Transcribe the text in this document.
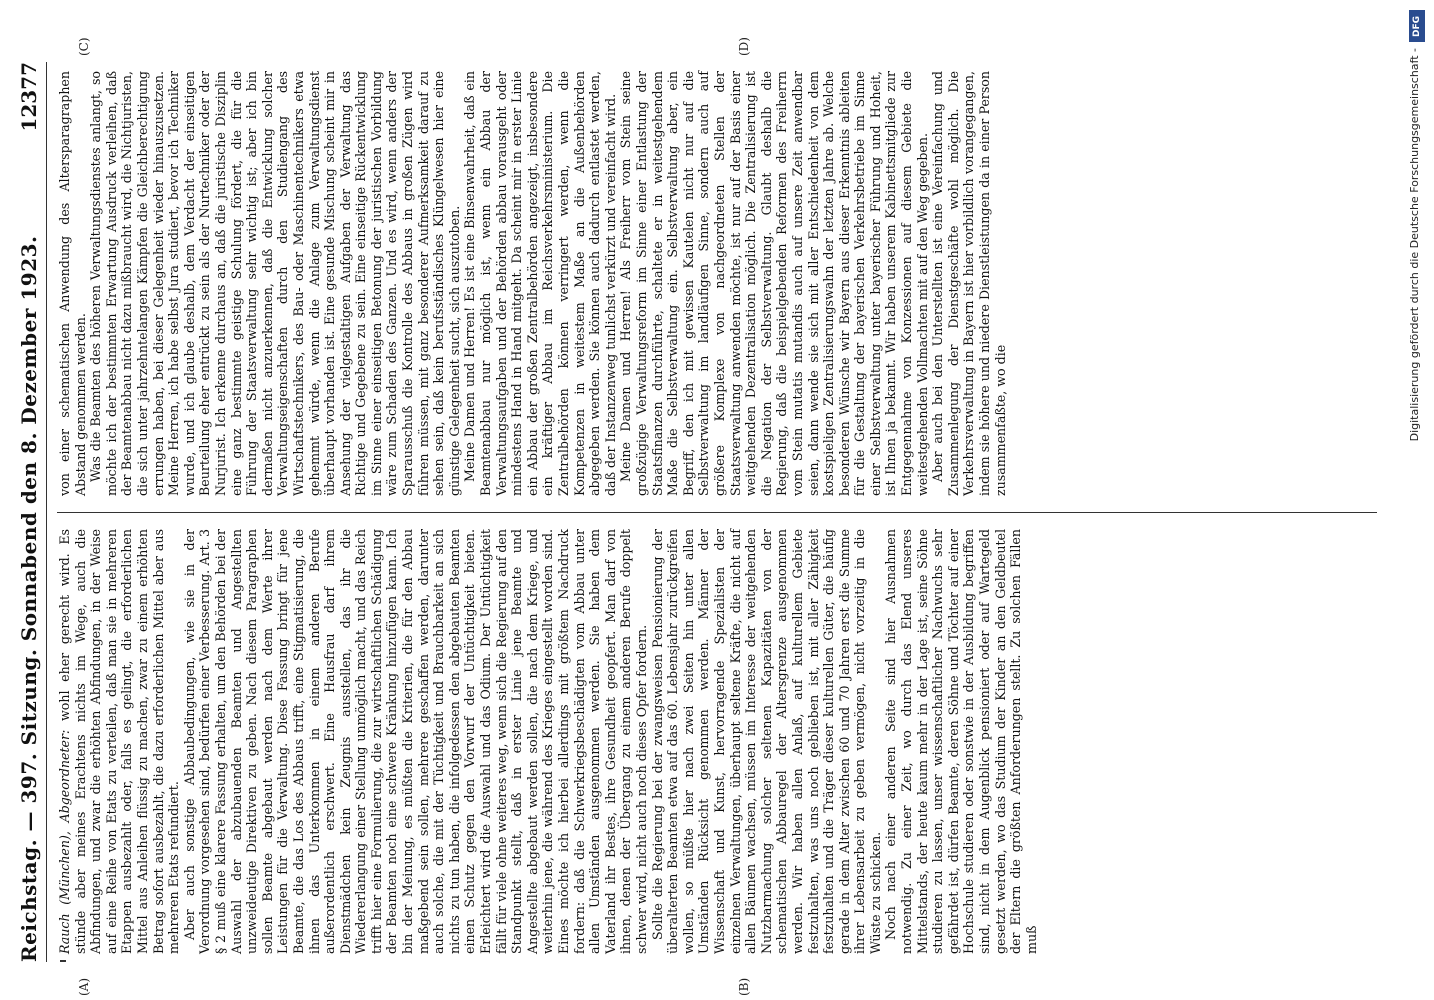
Reichstag. — 397. Sitzung. Sonnabend den 8. Dezember 1923.
12377
(A)	(B)
(C)	(D)

Rauch (München), Abgeordneter: wohl eher gerecht wird. Es stünde aber meines Erachtens nichts im Wege, auch die Abfindungen, und zwar die erhöhten Abfindungen, in der Weise auf eine Reihe von Etats zu verteilen, daß man sie in mehreren Etappen ausbezahlt oder, falls es gelingt, die erforderlichen Mittel aus Anleihen flüssig zu machen, zwar zu einem erhöhten Betrag sofort ausbezahlt, die dazu erforderlichen Mittel aber aus mehreren Etats refundiert. Aber auch sonstige Abbaubedingungen, wie sie in der Verordnung vorgesehen sind, bedürfen einer Verbesserung. Art. 3 § 2 muß eine klarere Fassung erhalten, um den Behörden bei der Auswahl der abzubauenden Beamten und Angestellten unzweideutige Direktiven zu geben. Nach diesem Paragraphen sollen Beamte abgebaut werden nach dem Werte ihrer Leistungen für die Verwaltung. Diese Fassung bringt für jene Beamte, die das Los des Abbaus trifft, eine Stigmatisierung, die ihnen das Unterkommen in einem anderen Berufe außerordentlich erschwert. Eine Hausfrau darf ihrem Dienstmädchen kein Zeugnis ausstellen, das ihr die Wiedererlangung einer Stellung unmöglich macht, und das Reich trifft hier eine Formulierung, die zur wirtschaftlichen Schädigung der Beamten noch eine schwere Kränkung hinzufügen kann. Ich bin der Meinung, es müßten die Kriterien, die für den Abbau maßgebend sein sollen, mehrere geschaffen werden, darunter auch solche, die mit der Tüchtigkeit und Brauchbarkeit an sich nichts zu tun haben, die infolgedessen den abgebauten Beamten einen Schutz gegen den Vorwurf der Untüchtigkeit bieten. Erleichtert wird die Auswahl und das Odium. Der Untüchtigkeit fällt für viele ohne weiteres weg, wenn sich die Regierung auf den Standpunkt stellt, daß in erster Linie jene Beamte und Angestellte abgebaut werden sollen, die nach dem Kriege, und weiterhin jene, die während des Krieges eingestellt worden sind. Eines möchte ich hierbei allerdings mit größtem Nachdruck fordern: daß die Schwerkriegsbeschädigten vom Abbau unter allen Umständen ausgenommen werden. Sie haben dem Vaterland ihr Bestes, ihre Gesundheit geopfert. Man darf von ihnen, denen der Übergang zu einem anderen Berufe doppelt schwer wird, nicht auch noch dieses Opfer fordern. Sollte die Regierung bei der zwangsweisen Pensionierung der überalterten Beamten etwa auf das 60. Lebensjahr zurückgreifen wollen, so müßte hier nach zwei Seiten hin unter allen Umständen Rücksicht genommen werden. Männer der Wissenschaft und Kunst, hervorragende Spezialisten der einzelnen Verwaltungen, überhaupt seltene Kräfte, die nicht auf allen Bäumen wachsen, müssen im Interesse der weitgehenden Nutzbarmachung solcher seltenen Kapazitäten von der schematischen Abbauregel der Altersgrenze ausgenommen werden. Wir haben allen Anlaß, auf kulturellem Gebiete festzuhalten, was uns noch geblieben ist, mit aller Zähigkeit festzuhalten und die Träger dieser kulturellen Güter, die häufig gerade in dem Alter zwischen 60 und 70 Jahren erst die Summe ihrer Lebensarbeit zu geben vermögen, nicht vorzeitig in die Wüste zu schicken. Noch nach einer anderen Seite sind hier Ausnahmen notwendig. Zu einer Zeit, wo durch das Elend unseres Mittelstands, der heute kaum mehr in der Lage ist, seine Söhne studieren zu lassen, unser wissenschaftlicher Nachwuchs sehr gefährdet ist, dürfen Beamte, deren Söhne und Töchter auf einer Hochschule studieren oder sonstwie in der Ausbildung begriffen sind, nicht in dem Augenblick pensioniert oder auf Wartegeld gesetzt werden, wo das Studium der Kinder an den Geldbeutel der Eltern die größten Anforderungen stellt. Zu solchen Fällen muß

von einer schematischen Anwendung des Altersparagraphen Abstand genommen werden. Was die Beamten des höheren Verwaltungsdienstes anlangt, so möchte ich der bestimmten Erwartung Ausdruck verleihen, daß der Beamtenabbau nicht dazu mißbraucht wird, die Nichtjuristen, die sich unter jahrzehntelangen Kämpfen die Gleichberechtigung errungen haben, bei dieser Gelegenheit wieder hinauszusetzen. Meine Herren, ich habe selbst Jura studiert, bevor ich Techniker wurde, und ich glaube deshalb, dem Verdacht der einseitigen Beurteilung eher entrückt zu sein als der Nurtechniker oder der Nurjurist. Ich erkenne durchaus an, daß die juristische Disziplin eine ganz bestimmte geistige Schulung fördert, die für die Führung der Staatsverwaltung sehr wichtig ist; aber ich bin dermaßen nicht anzuerkennen, daß die Entwicklung solcher Verwaltungseigenschaften durch den Studiengang des Wirtschaftstechnikers, des Bau- oder Maschinentechnikers etwa gehemmt würde, wenn die Anlage zum Verwaltungsdienst überhaupt vorhanden ist. Eine gesunde Mischung scheint mir in Ansehung der vielgestaltigen Aufgaben der Verwaltung das Richtige und Gegebene zu sein. Eine einseitige Rückentwicklung im Sinne einer einseitigen Betonung der juristischen Vorbildung wäre zum Schaden des Ganzen. Und es wird, wenn anders der Sparausschuß die Kontrolle des Abbaus in großen Zügen wird führen müssen, mit ganz besonderer Aufmerksamkeit darauf zu sehen sein, daß kein berufsständisches Klüngelwesen hier eine günstige Gelegenheit sucht, sich auszutoben. Meine Damen und Herren! Es ist eine Binsenwahrheit, daß ein Beamtenabbau nur möglich ist, wenn ein Abbau der Verwaltungsaufgaben und der Behörden abbau vorausgeht oder mindestens Hand in Hand mitgeht. Da scheint mir in erster Linie ein Abbau der großen Zentralbehörden angezeigt, insbesondere ein kräftiger Abbau im Reichsverkehrsministerium. Die Zentralbehörden können verringert werden, wenn die Kompetenzen in weitestem Maße an die Außenbehörden abgegeben werden. Sie können auch dadurch entlastet werden, daß der Instanzenweg tunlichst verkürzt und vereinfacht wird. Meine Damen und Herren! Als Freiherr vom Stein seine großzügige Verwaltungsreform im Sinne einer Entlastung der Staatsfinanzen durchführte, schaltete er in weitestgehendem Maße die Selbstverwaltung ein. Selbstverwaltung aber, ein Begriff, den ich mit gewissen Kautelen nicht nur auf die Selbstverwaltung im landläufigen Sinne, sondern auch auf größere Komplexe von nachgeordneten Stellen der Staatsverwaltung anwenden möchte, ist nur auf der Basis einer weitgehenden Dezentralisation möglich. Die Zentralisierung ist die Negation der Selbstverwaltung. Glaubt deshalb die Regierung, daß die beispielgebenden Reformen des Freiherrn vom Stein mutatis mutandis auch auf unsere Zeit anwendbar seien, dann wende sie sich mit aller Entschiedenheit von dem kostspieligen Zentralisierungswahn der letzten Jahre ab. Welche besonderen Wünsche wir Bayern aus dieser Erkenntnis ableiten für die Gestaltung der bayerischen Verkehrsbetriebe im Sinne einer Selbstverwaltung unter bayerischer Führung und Hoheit, ist Ihnen ja bekannt. Wir haben unserem Kabinettsmitgliede zur Entgegennahme von Konzessionen auf diesem Gebiete die weitestgehenden Vollmachten mit auf den Weg gegeben. Aber auch bei den Unterstellten ist eine Vereinfachung und Zusammenlegung der Dienstgeschäfte wohl möglich. Die Verkehrsverwaltung in Bayern ist hier vorbildlich vorangegangen, indem sie höhere und niedere Dienstleistungen da in einer Person zusammenfaßte, wo die

DFG
Digitalisierung gefördert durch die Deutsche Forschungsgemeinschaft -
